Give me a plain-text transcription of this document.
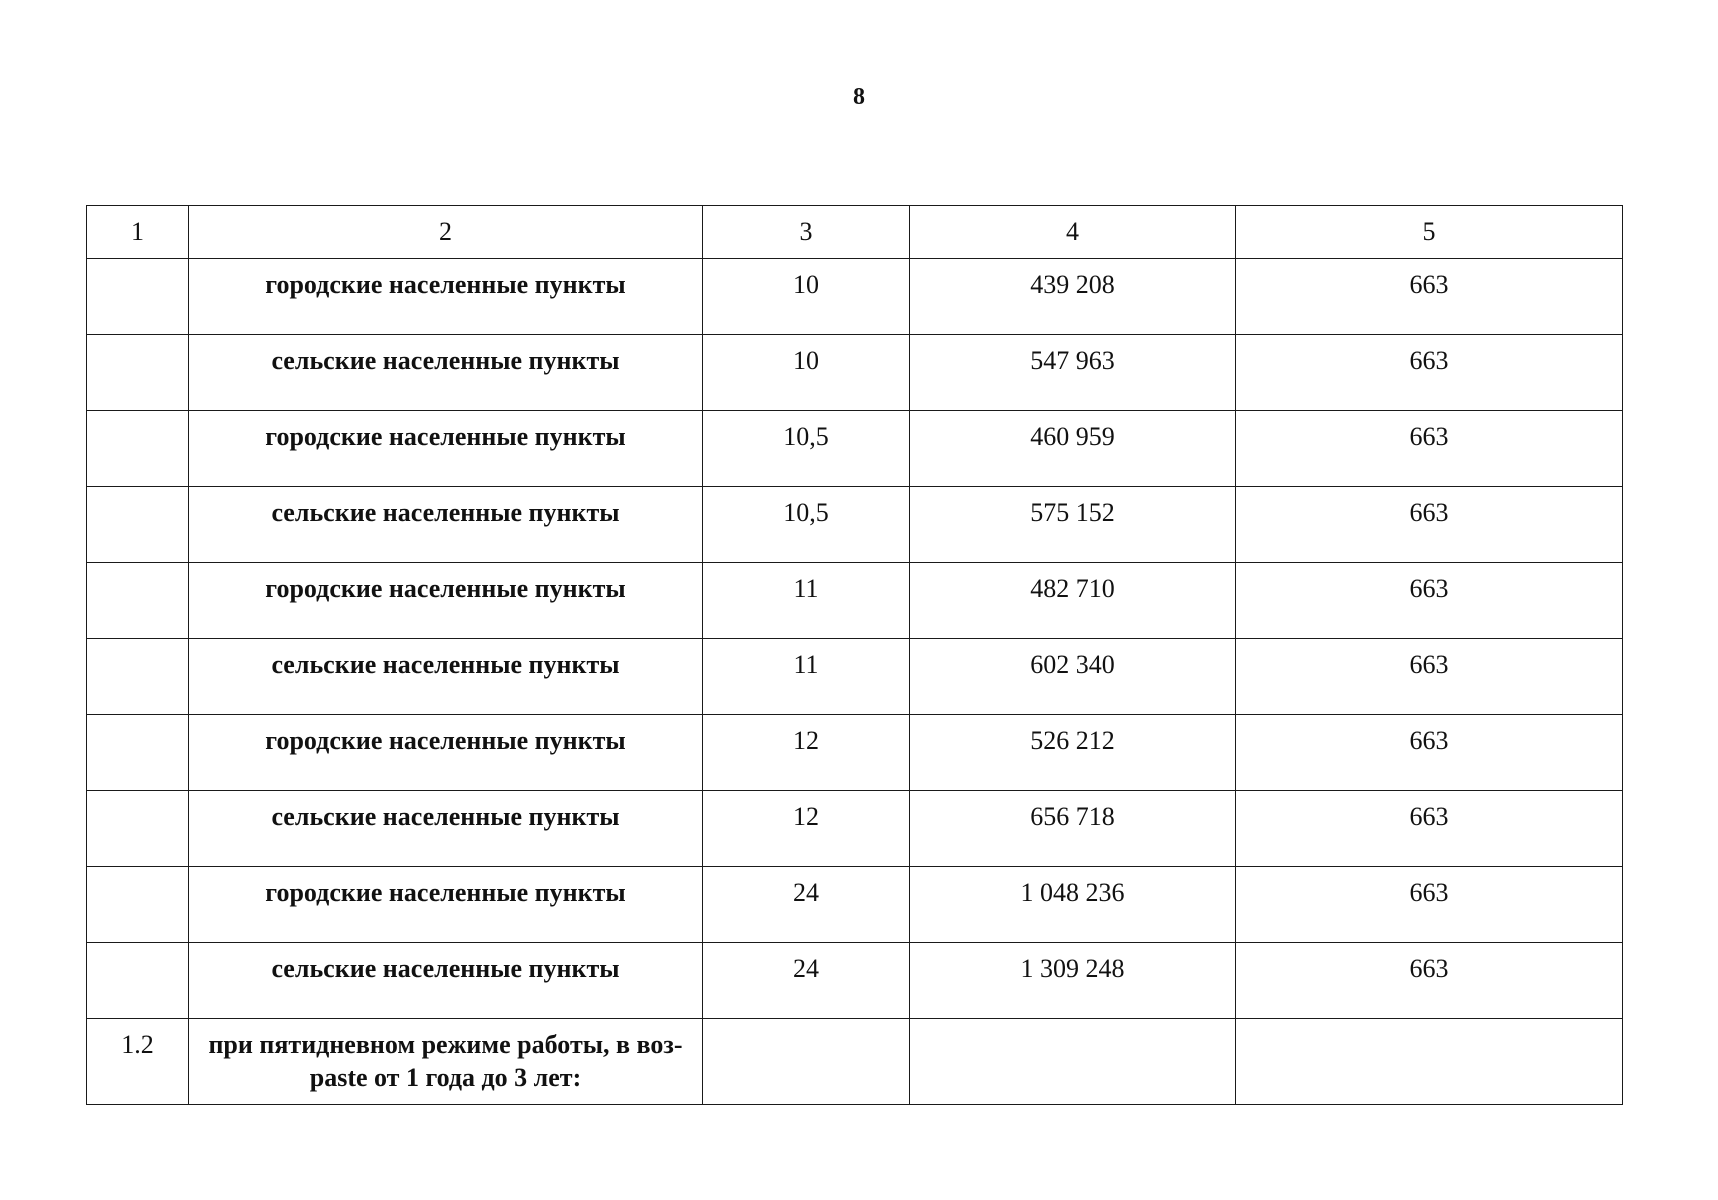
8
1	2	3	4	5
	городские населенные пункты	10	439 208	663
	сельские населенные пункты	10	547 963	663
	городские населенные пункты	10,5	460 959	663
	сельские населенные пункты	10,5	575 152	663
	городские населенные пункты	11	482 710	663
	сельские населенные пункты	11	602 340	663
	городские населенные пункты	12	526 212	663
	сельские населенные пункты	12	656 718	663
	городские населенные пункты	24	1 048 236	663
	сельские населенные пункты	24	1 309 248	663
1.2	при пятидневном режиме работы, в воз-раste от 1 года до 3 лет:			
